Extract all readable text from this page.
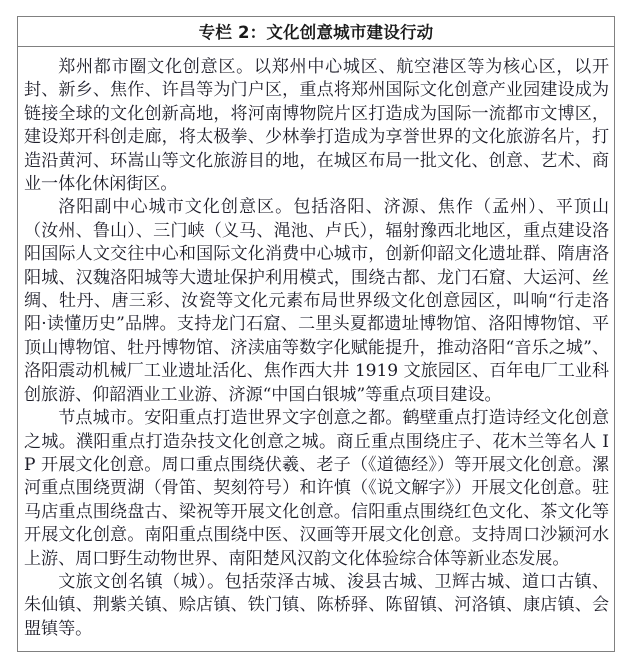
专栏 2：文化创意城市建设行动

郑州都市圈文化创意区。以郑州中心城区、航空港区等为核心区，以开封、新乡、焦作、许昌等为门户区，重点将郑州国际文化创意产业园建设成为链接全球的文化创新高地，将河南博物院片区打造成为国际一流都市文博区，建设郑开科创走廊，将太极拳、少林拳打造成为享誉世界的文化旅游名片，打造沿黄河、环嵩山等文化旅游目的地，在城区布局一批文化、创意、艺术、商业一体化休闲街区。

洛阳副中心城市文化创意区。包括洛阳、济源、焦作（孟州）、平顶山（汝州、鲁山）、三门峡（义马、渑池、卢氏），辐射豫西北地区，重点建设洛阳国际人文交往中心和国际文化消费中心城市，创新仰韶文化遗址群、隋唐洛阳城、汉魏洛阳城等大遗址保护利用模式，围绕古都、龙门石窟、大运河、丝绸、牡丹、唐三彩、汝瓷等文化元素布局世界级文化创意园区，叫响“行走洛阳·读懂历史”品牌。支持龙门石窟、二里头夏都遗址博物馆、洛阳博物馆、平顶山博物馆、牡丹博物馆、济渎庙等数字化赋能提升，推动洛阳“音乐之城”、洛阳震动机械厂工业遗址活化、焦作西大井 1919 文旅园区、百年电厂工业科创旅游、仰韶酒业工业游、济源“中国白银城”等重点项目建设。

节点城市。安阳重点打造世界文字创意之都。鹤壁重点打造诗经文化创意之城。濮阳重点打造杂技文化创意之城。商丘重点围绕庄子、花木兰等名人 IP 开展文化创意。周口重点围绕伏羲、老子（《道德经》）等开展文化创意。漯河重点围绕贾湖（骨笛、契刻符号）和许慎（《说文解字》）开展文化创意。驻马店重点围绕盘古、梁祝等开展文化创意。信阳重点围绕红色文化、茶文化等开展文化创意。南阳重点围绕中医、汉画等开展文化创意。支持周口沙颍河水上游、周口野生动物世界、南阳楚风汉韵文化体验综合体等新业态发展。

文旅文创名镇（城）。包括荥泽古城、浚县古城、卫辉古城、道口古镇、朱仙镇、荆紫关镇、赊店镇、铁门镇、陈桥驿、陈留镇、河洛镇、康店镇、会盟镇等。
